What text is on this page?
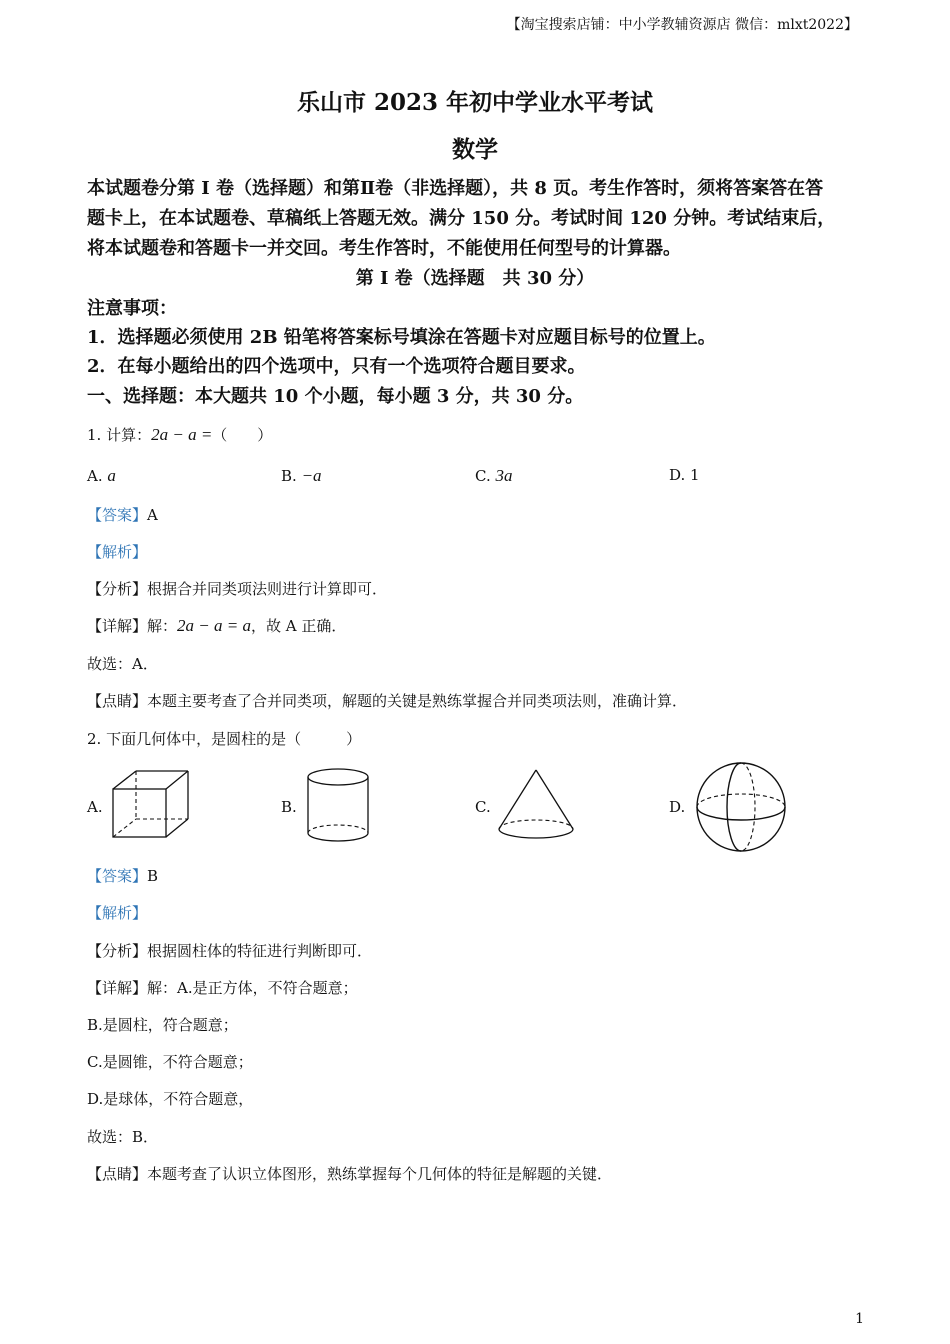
【淘宝搜索店铺：中小学教辅资源店 微信：mlxt2022】
乐山市 2023 年初中学业水平考试
数学

本试题卷分第 I 卷（选择题）和第Ⅱ卷（非选择题），共 8 页。考生作答时，须将答案答在答

题卡上，在本试题卷、草稿纸上答题无效。满分 150 分。考试时间 120 分钟。考试结束后，

将本试题卷和答题卡一并交回。考生作答时，不能使用任何型号的计算器。

第 I 卷（选择题　共 30 分）
注意事项：
1．选择题必须使用 2B 铅笔将答案标号填涂在答题卡对应题目标号的位置上。
2．在每小题给出的四个选项中，只有一个选项符合题目要求。
一、选择题：本大题共 10 个小题，每小题 3 分，共 30 分。
1. 计算：2a − a =（　　）
A. a	B. −a	C. 3a	D. 1
【答案】A
【解析】
【分析】根据合并同类项法则进行计算即可．
【详解】解：2a − a = a，故 A 正确．
故选：A．
【点睛】本题主要考查了合并同类项，解题的关键是熟练掌握合并同类项法则，准确计算．
2. 下面几何体中，是圆柱的是（　　　）
A.	B.	C.	D.
【答案】B
【解析】
【分析】根据圆柱体的特征进行判断即可．
【详解】解：A.是正方体，不符合题意；
B.是圆柱，符合题意；
C.是圆锥，不符合题意；
D.是球体，不符合题意，
故选：B．
【点睛】本题考查了认识立体图形，熟练掌握每个几何体的特征是解题的关键．
1
